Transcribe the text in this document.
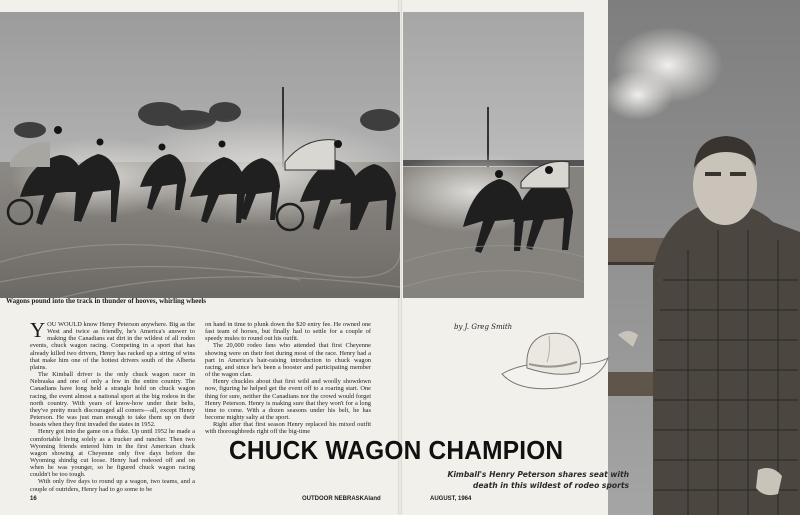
Wagons pound into the track in thunder of hooves, whirling wheels

YOU WOULD know Henry Peterson anywhere. Big as the West and twice as friendly, he's America's answer to making the Canadians eat dirt in the wildest of all rodeo events, chuck wagon racing. Competing in a sport that has already killed two drivers, Henry has racked up a string of wins that make him one of the hottest drivers south of the Alberta plains.

The Kimball driver is the only chuck wagon racer in Nebraska and one of only a few in the entire country. The Canadians have long held a strangle hold on chuck wagon racing, the event almost a national sport at the big rodeos in the north country. With years of know-how under their belts, they've pretty much discouraged all comers—all, except Henry Peterson. He was just man enough to take them up on their boasts when they first invaded the states in 1952.

Henry got into the game on a fluke. Up until 1952 he made a comfortable living solely as a trucker and rancher. Then two Wyoming friends entered him in the first American chuck wagon showing at Cheyenne only five days before the Wyoming shindig cut loose. Henry had rodeoed off and on when he was younger, so he figured chuck wagon racing couldn't be too tough.

With only five days to round up a wagon, two teams, and a couple of outriders, Henry had to go some to be

on hand in time to plunk down the $20 entry fee. He owned one fast team of horses, but finally had to settle for a couple of speedy mules to round out his outfit.

The 20,000 rodeo fans who attended that first Cheyenne showing were on their feet during most of the race. Henry had a part in America's hair-raising introduction to chuck wagon racing, and since he's been a booster and participating member of the wagon clan.

Henry chuckles about that first wild and woolly showdown now, figuring he helped get the event off to a roaring start. One thing for sure, neither the Canadians nor the crowd would forget Henry Peterson. Henry is making sure that they won't for a long time to come. With a dozen seasons under his belt, he has become mighty salty at the sport.

Right after that first season Henry replaced his mixed outfit with thoroughbreds right off the big-time

by J. Greg Smith
CHUCK WAGON CHAMPION
Kimball's Henry Peterson shares seat with death in this wildest of rodeo sports
16	OUTDOOR NEBRASKAland	AUGUST, 1964
